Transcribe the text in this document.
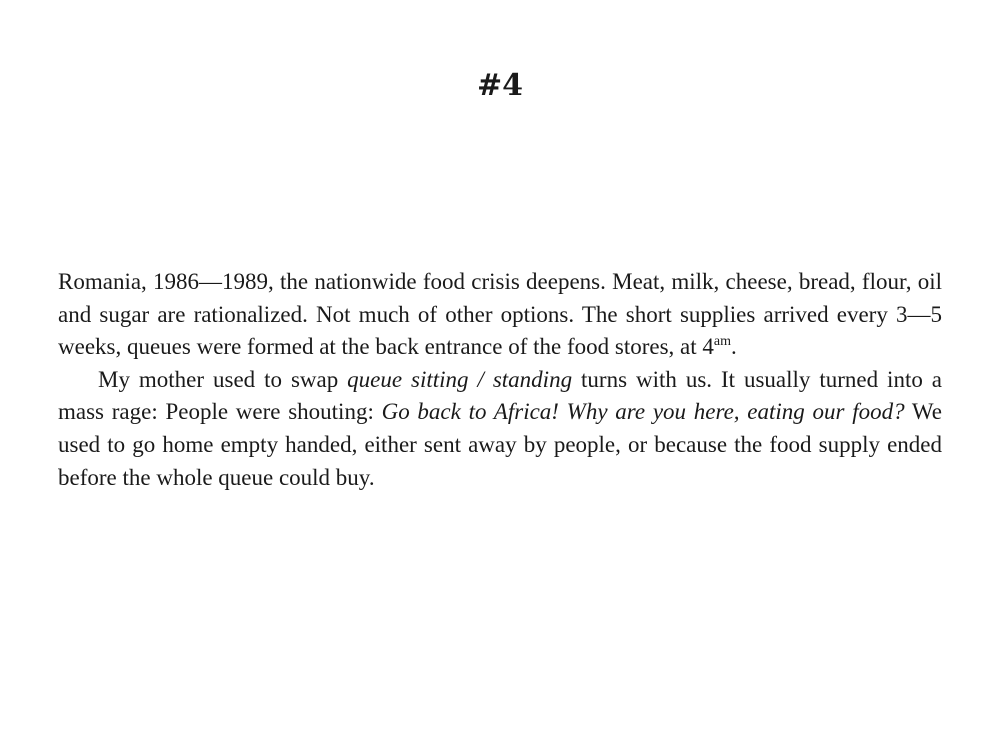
#4

Romania, 1986—1989, the nationwide food crisis deepens. Meat, milk, cheese, bread, flour, oil and sugar are rationalized. Not much of other options. The short supplies arrived every 3—5 weeks, queues were formed at the back entrance of the food stores, at $4^{am}$.

My mother used to swap queue sitting / standing turns with us. It usually turned into a mass rage: People were shouting: Go back to Africa! Why are you here, eating our food? We used to go home empty handed, either sent away by people, or because the food supply ended before the whole queue could buy.
